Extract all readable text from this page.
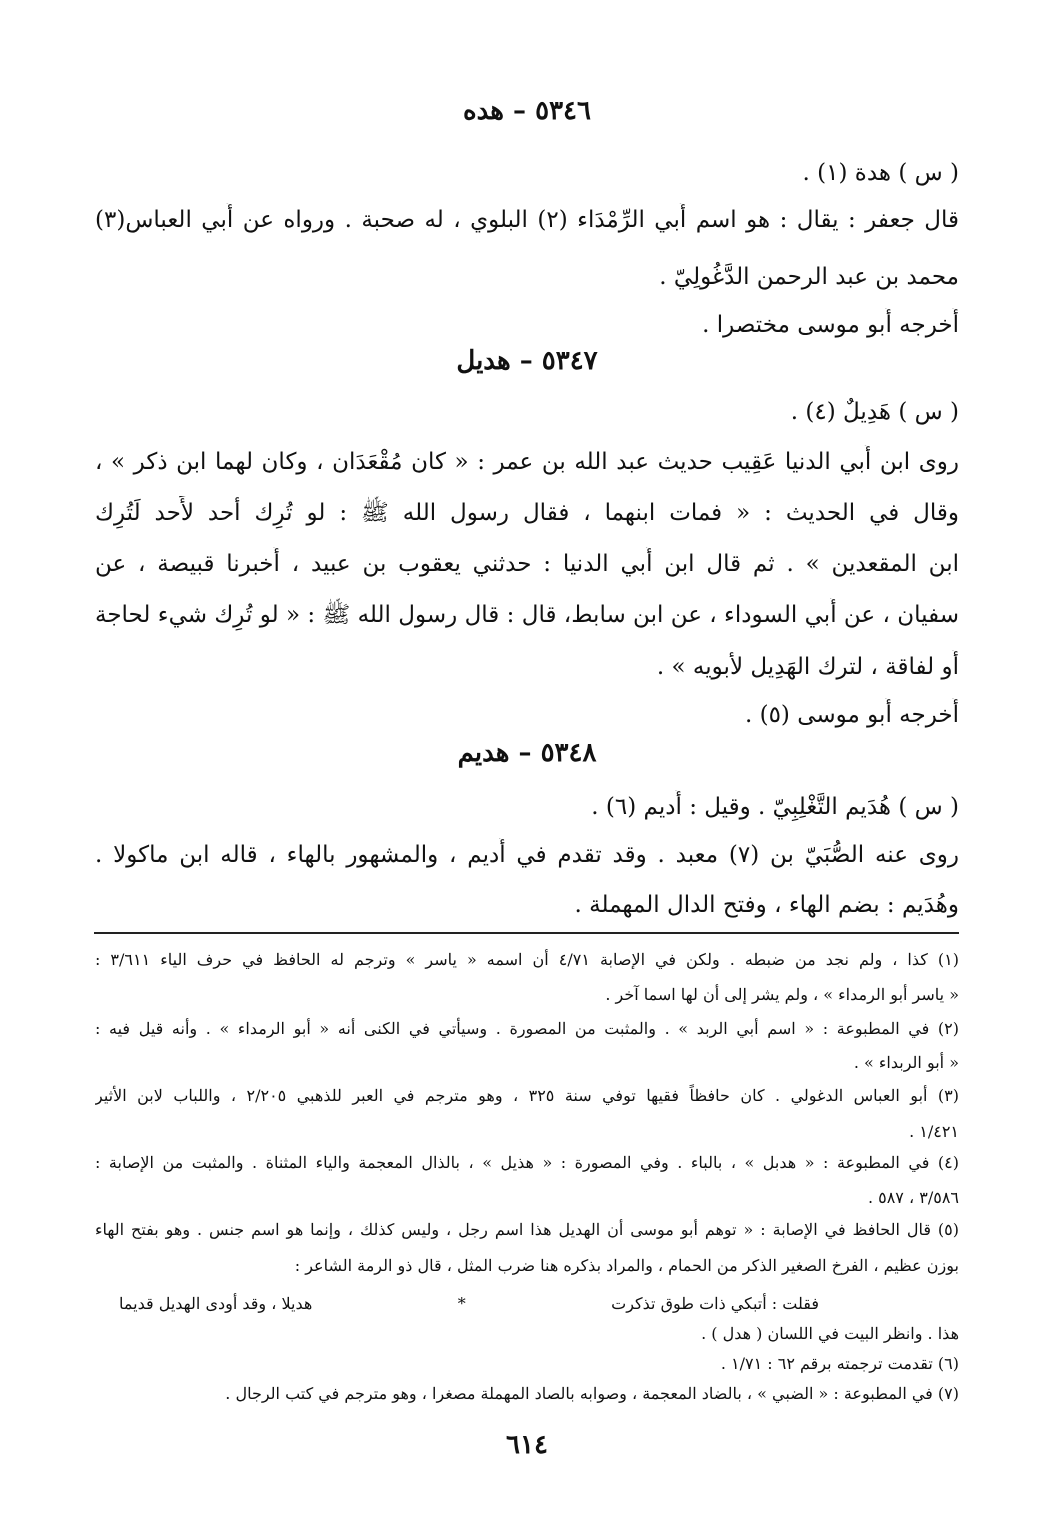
٥٣٤٦ – هده
( س ) هدة (١) .
قال جعفر : يقال : هو اسم أَبي الرِّمْدَاء (٢) البلوي ، له صحبة . ورواه عن أَبي العباس(٣)
محمد بن عبد الرحمن الدَّغُولِيّ .
أَخرجه أَبو موسى مختصرا .
٥٣٤٧ – هديل
( س ) هَدِيلٌ (٤) .
روى ابن أَبي الدنيا عَقِيب حديث عبد الله بن عمر : « كان مُقْعَدَان ، وكان لهما ابن ذكر » ،
وقال في الحديث : « فمات ابنهما ، فقال رسول الله ﷺ : لو تُرِك أحد لأَحد لَتُرِك
ابن المقعدين » . ثم قال ابن أَبي الدنيا : حدثني يعقوب بن عبيد ، أَخبرنا قبيصة ، عن
سفيان ، عن أَبي السوداء ، عن ابن سابط، قال : قال رسول الله ﷺ : « لو تُرِك شيء لحاجة
أَو لفاقة ، لترك الهَدِيل لأبويه » .
أَخرجه أَبو موسى (٥) .
٥٣٤٨ – هديم
( س ) هُدَيم التَّغْلِبِيّ . وقيل : أُديم (٦) .
روى عنه الصُّبَيّ بن (٧) معبد . وقد تقدم في أُديم ، والمشهور بالهاء ، قاله ابن ماكولا .
وهُدَيم : بضم الهاء ، وفتح الدال المهملة .
(١) كذا ، ولم نجد من ضبطه . ولكن في الإصابة ٤/٧١ أن اسمه « ياسر » وترجم له الحافظ في حرف الياء ٣/٦١١ :
« ياسر أبو الرمداء » ، ولم يشر إلى أن لها اسما آخر .
(٢) في المطبوعة : « اسم أبي الربد » . والمثبت من المصورة . وسيأتي في الكنى أنه « أبو الرمداء » . وأنه قيل فيه :
« أبو الربداء » .
(٣) أبو العباس الدغولي . كان حافظاً فقيها توفي سنة ٣٢٥ ، وهو مترجم في العبر للذهبي ٢/٢٠٥ ، واللباب لابن الأثير
١/٤٢١ .
(٤) في المطبوعة : « هدبل » ، بالباء . وفي المصورة : « هذيل » ، بالذال المعجمة والياء المثناة . والمثبت من الإصابة :
٣/٥٨٦ ، ٥٨٧ .
(٥) قال الحافظ في الإصابة : « توهم أبو موسى أن الهديل هذا اسم رجل ، وليس كذلك ، وإنما هو اسم جنس . وهو بفتح الهاء
بوزن عظيم ، الفرخ الصغير الذكر من الحمام ، والمراد بذكره هنا ضرب المثل ، قال ذو الرمة الشاعر :
فقلت : أتبكي ذات طوق تذكرت
*
هديلا ، وقد أودى الهديل قديما
هذا . وانظر البيت في اللسان ( هدل ) .
(٦) تقدمت ترجمته برقم ٦٢ : ١/٧١ .
(٧) في المطبوعة : « الضبي » ، بالضاد المعجمة ، وصوابه بالصاد المهملة مصغرا ، وهو مترجم في كتب الرجال .
٦١٤
